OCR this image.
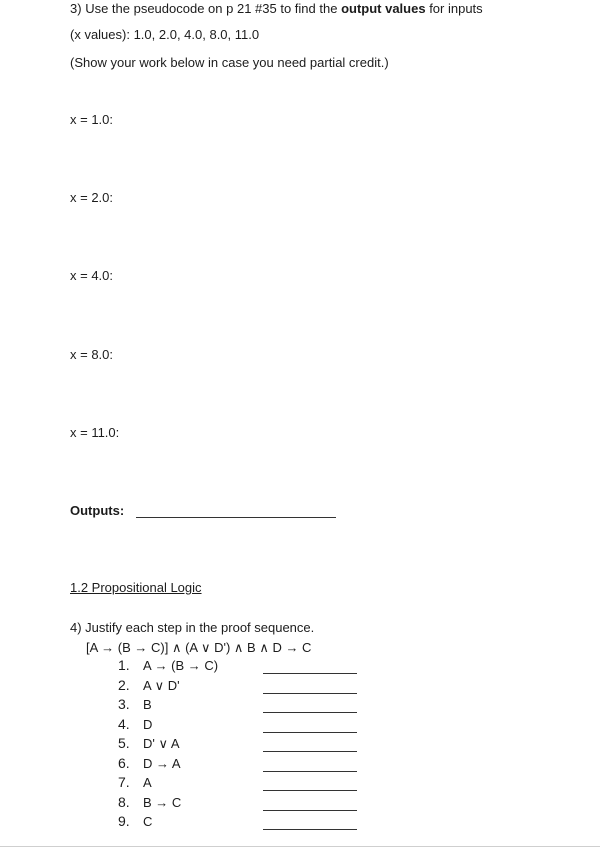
3) Use the pseudocode on p 21 #35 to find the output values for inputs
(x values): 1.0, 2.0, 4.0, 8.0, 11.0
(Show your work below in case you need partial credit.)
x = 1.0:
x = 2.0:
x = 4.0:
x = 8.0:
x = 11.0:
Outputs:
1.2 Propositional Logic
4) Justify each step in the proof sequence.
[A → (B → C)] ∧ (A ∨ D') ∧ B ∧ D → C
1. A → (B → C)
2. A ∨ D'
3. B
4. D
5. D' ∨ A
6. D → A
7. A
8. B → C
9. C
